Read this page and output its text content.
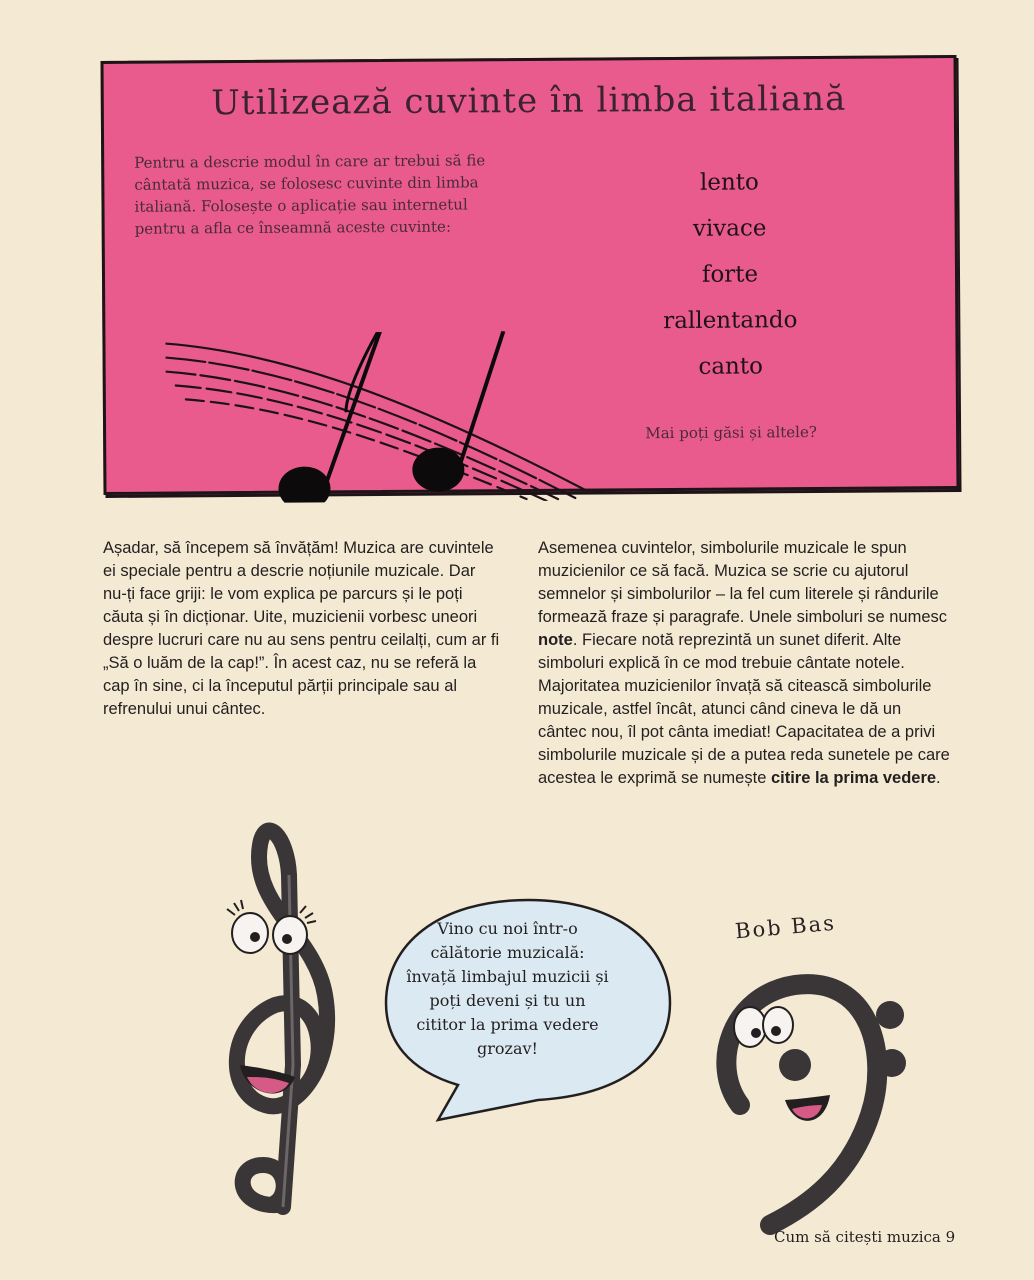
Utilizează cuvinte în limba italiană
Pentru a descrie modul în care ar trebui să fie cântată muzica, se folosesc cuvinte din limba italiană. Folosește o aplicație sau internetul pentru a afla ce înseamnă aceste cuvinte:
lento
vivace
forte
rallentando
canto
Mai poți găsi și altele?

Așadar, să începem să învățăm! Muzica are cuvintele ei speciale pentru a descrie noțiunile muzicale. Dar nu-ți face griji: le vom explica pe parcurs și le poți căuta și în dicționar. Uite, muzicienii vorbesc uneori despre lucruri care nu au sens pentru ceilalți, cum ar fi „Să o luăm de la cap!”. În acest caz, nu se referă la cap în sine, ci la începutul părții principale sau al refrenului unui cântec.

Asemenea cuvintelor, simbolurile muzicale le spun muzicienilor ce să facă. Muzica se scrie cu ajutorul semnelor și simbolurilor – la fel cum literele și rândurile formează fraze și paragrafe. Unele simboluri se numesc note. Fiecare notă reprezintă un sunet diferit. Alte simboluri explică în ce mod trebuie cântate notele. Majoritatea muzicienilor învață să citească simbolurile muzicale, astfel încât, atunci când cineva le dă un cântec nou, îl pot cânta imediat! Capacitatea de a privi simbolurile muzicale și de a putea reda sunetele pe care acestea le exprimă se numește citire la prima vedere.

Vino cu noi într-o călătorie muzicală: învață limbajul muzicii și poți deveni și tu un cititor la prima vedere grozav!
Bob Bas
Cum să citești muzica 9
